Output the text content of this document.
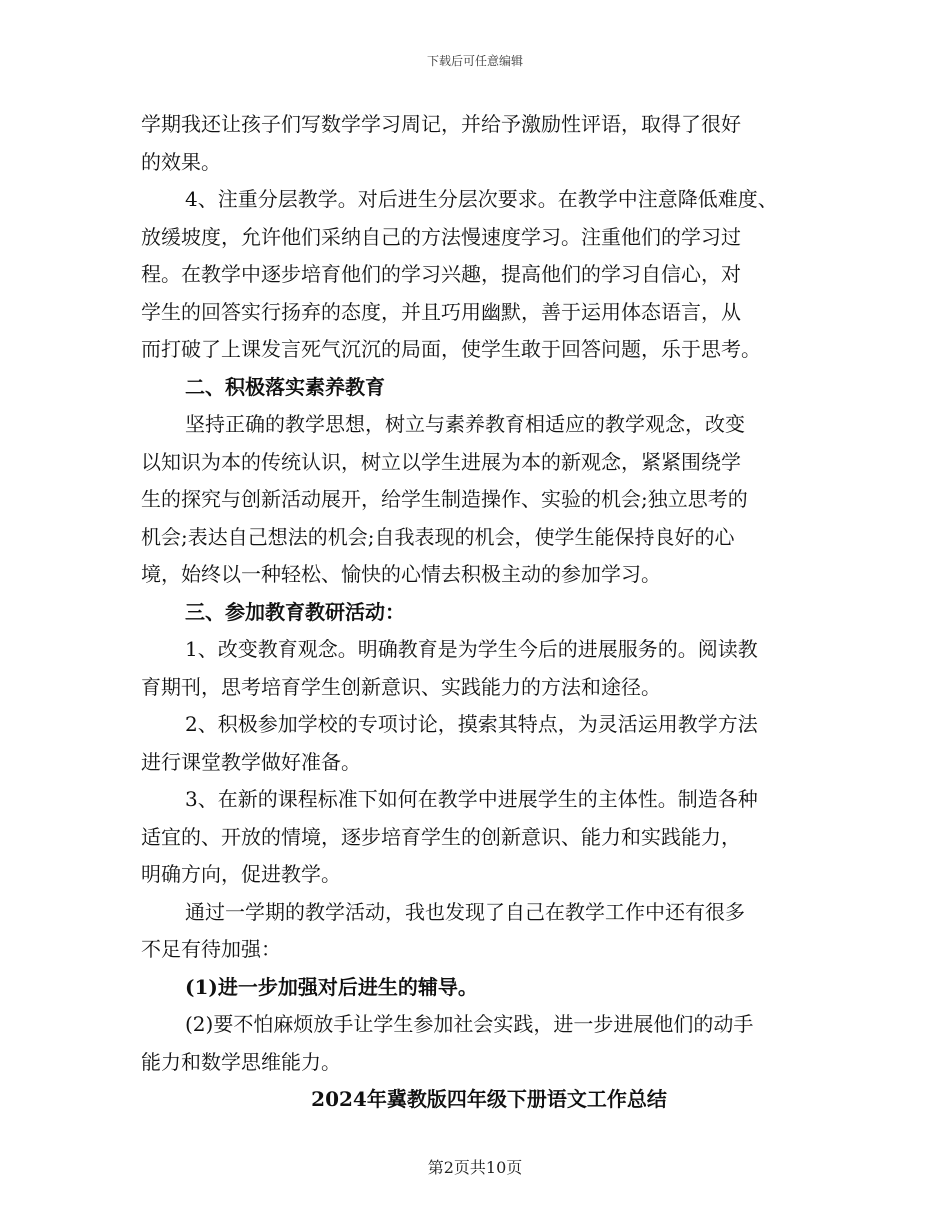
下载后可任意编辑
学期我还让孩子们写数学学习周记，并给予激励性评语，取得了很好
的效果。
4、注重分层教学。对后进生分层次要求。在教学中注意降低难度、
放缓坡度，允许他们采纳自己的方法慢速度学习。注重他们的学习过
程。在教学中逐步培育他们的学习兴趣，提高他们的学习自信心，对
学生的回答实行扬弃的态度，并且巧用幽默，善于运用体态语言，从
而打破了上课发言死气沉沉的局面，使学生敢于回答问题，乐于思考。
二、积极落实素养教育
坚持正确的教学思想，树立与素养教育相适应的教学观念，改变
以知识为本的传统认识，树立以学生进展为本的新观念，紧紧围绕学
生的探究与创新活动展开，给学生制造操作、实验的机会;独立思考的
机会;表达自己想法的机会;自我表现的机会，使学生能保持良好的心
境，始终以一种轻松、愉快的心情去积极主动的参加学习。
三、参加教育教研活动：
1、改变教育观念。明确教育是为学生今后的进展服务的。阅读教
育期刊，思考培育学生创新意识、实践能力的方法和途径。
2、积极参加学校的专项讨论，摸索其特点，为灵活运用教学方法
进行课堂教学做好准备。
3、在新的课程标准下如何在教学中进展学生的主体性。制造各种
适宜的、开放的情境，逐步培育学生的创新意识、能力和实践能力，
明确方向，促进教学。
通过一学期的教学活动，我也发现了自己在教学工作中还有很多
不足有待加强：
(1)进一步加强对后进生的辅导。
(2)要不怕麻烦放手让学生参加社会实践，进一步进展他们的动手
能力和数学思维能力。
2024年冀教版四年级下册语文工作总结
第2页共10页
